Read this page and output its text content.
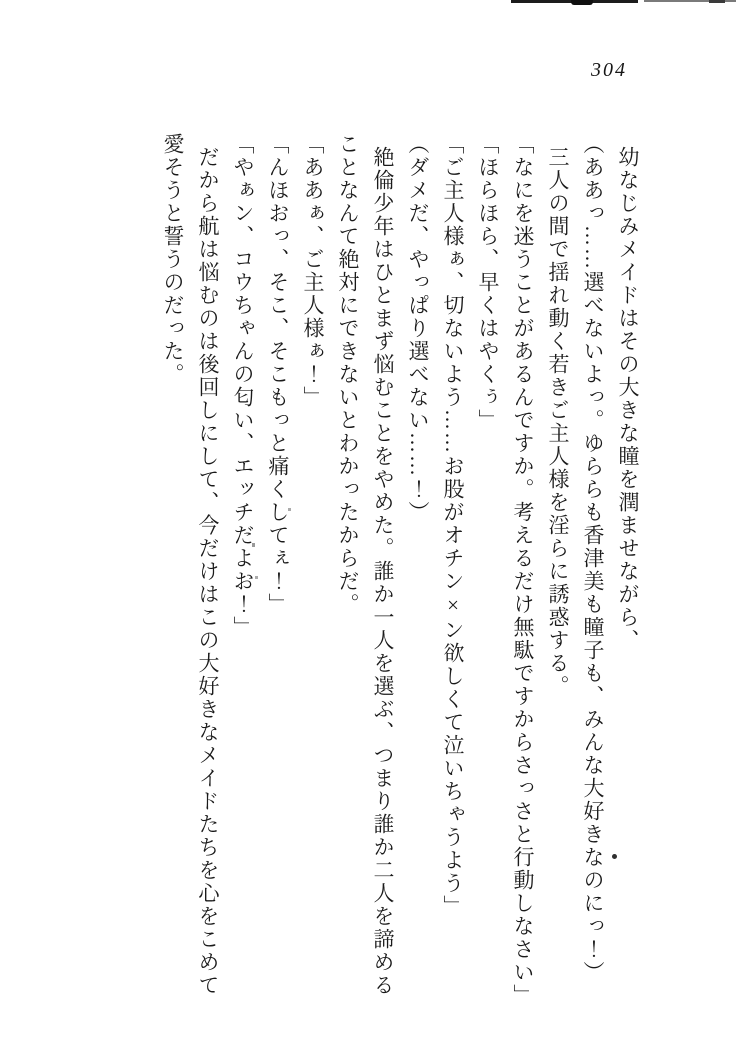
304

幼なじみメイドはその大きな瞳を潤ませながら、

（ああっ……選べないよっ。ゆららも香津美も瞳子も、みんな大好きなのにっ！）

三人の間で揺れ動く若きご主人様を淫らに誘惑する。

「なにを迷うことがあるんですか。考えるだけ無駄ですからさっさと行動しなさい」

「ほらほら、早くはやくぅ」

「ご主人様ぁ、切ないよう……お股がオチン×ン欲しくて泣いちゃうよう」

（ダメだ、やっぱり選べない……！）

絶倫少年はひとまず悩むことをやめた。誰か一人を選ぶ、つまり誰か二人を諦める

ことなんて絶対にできないとわかったからだ。

「ああぁ、ご主人様ぁ！」

「んほおっ、そこ、そこもっと痛くしてぇ！」

「やぁン、コウちゃんの匂い、エッチだよお！」

だから航は悩むのは後回しにして、今だけはこの大好きなメイドたちを心をこめて

愛そうと誓うのだった。
